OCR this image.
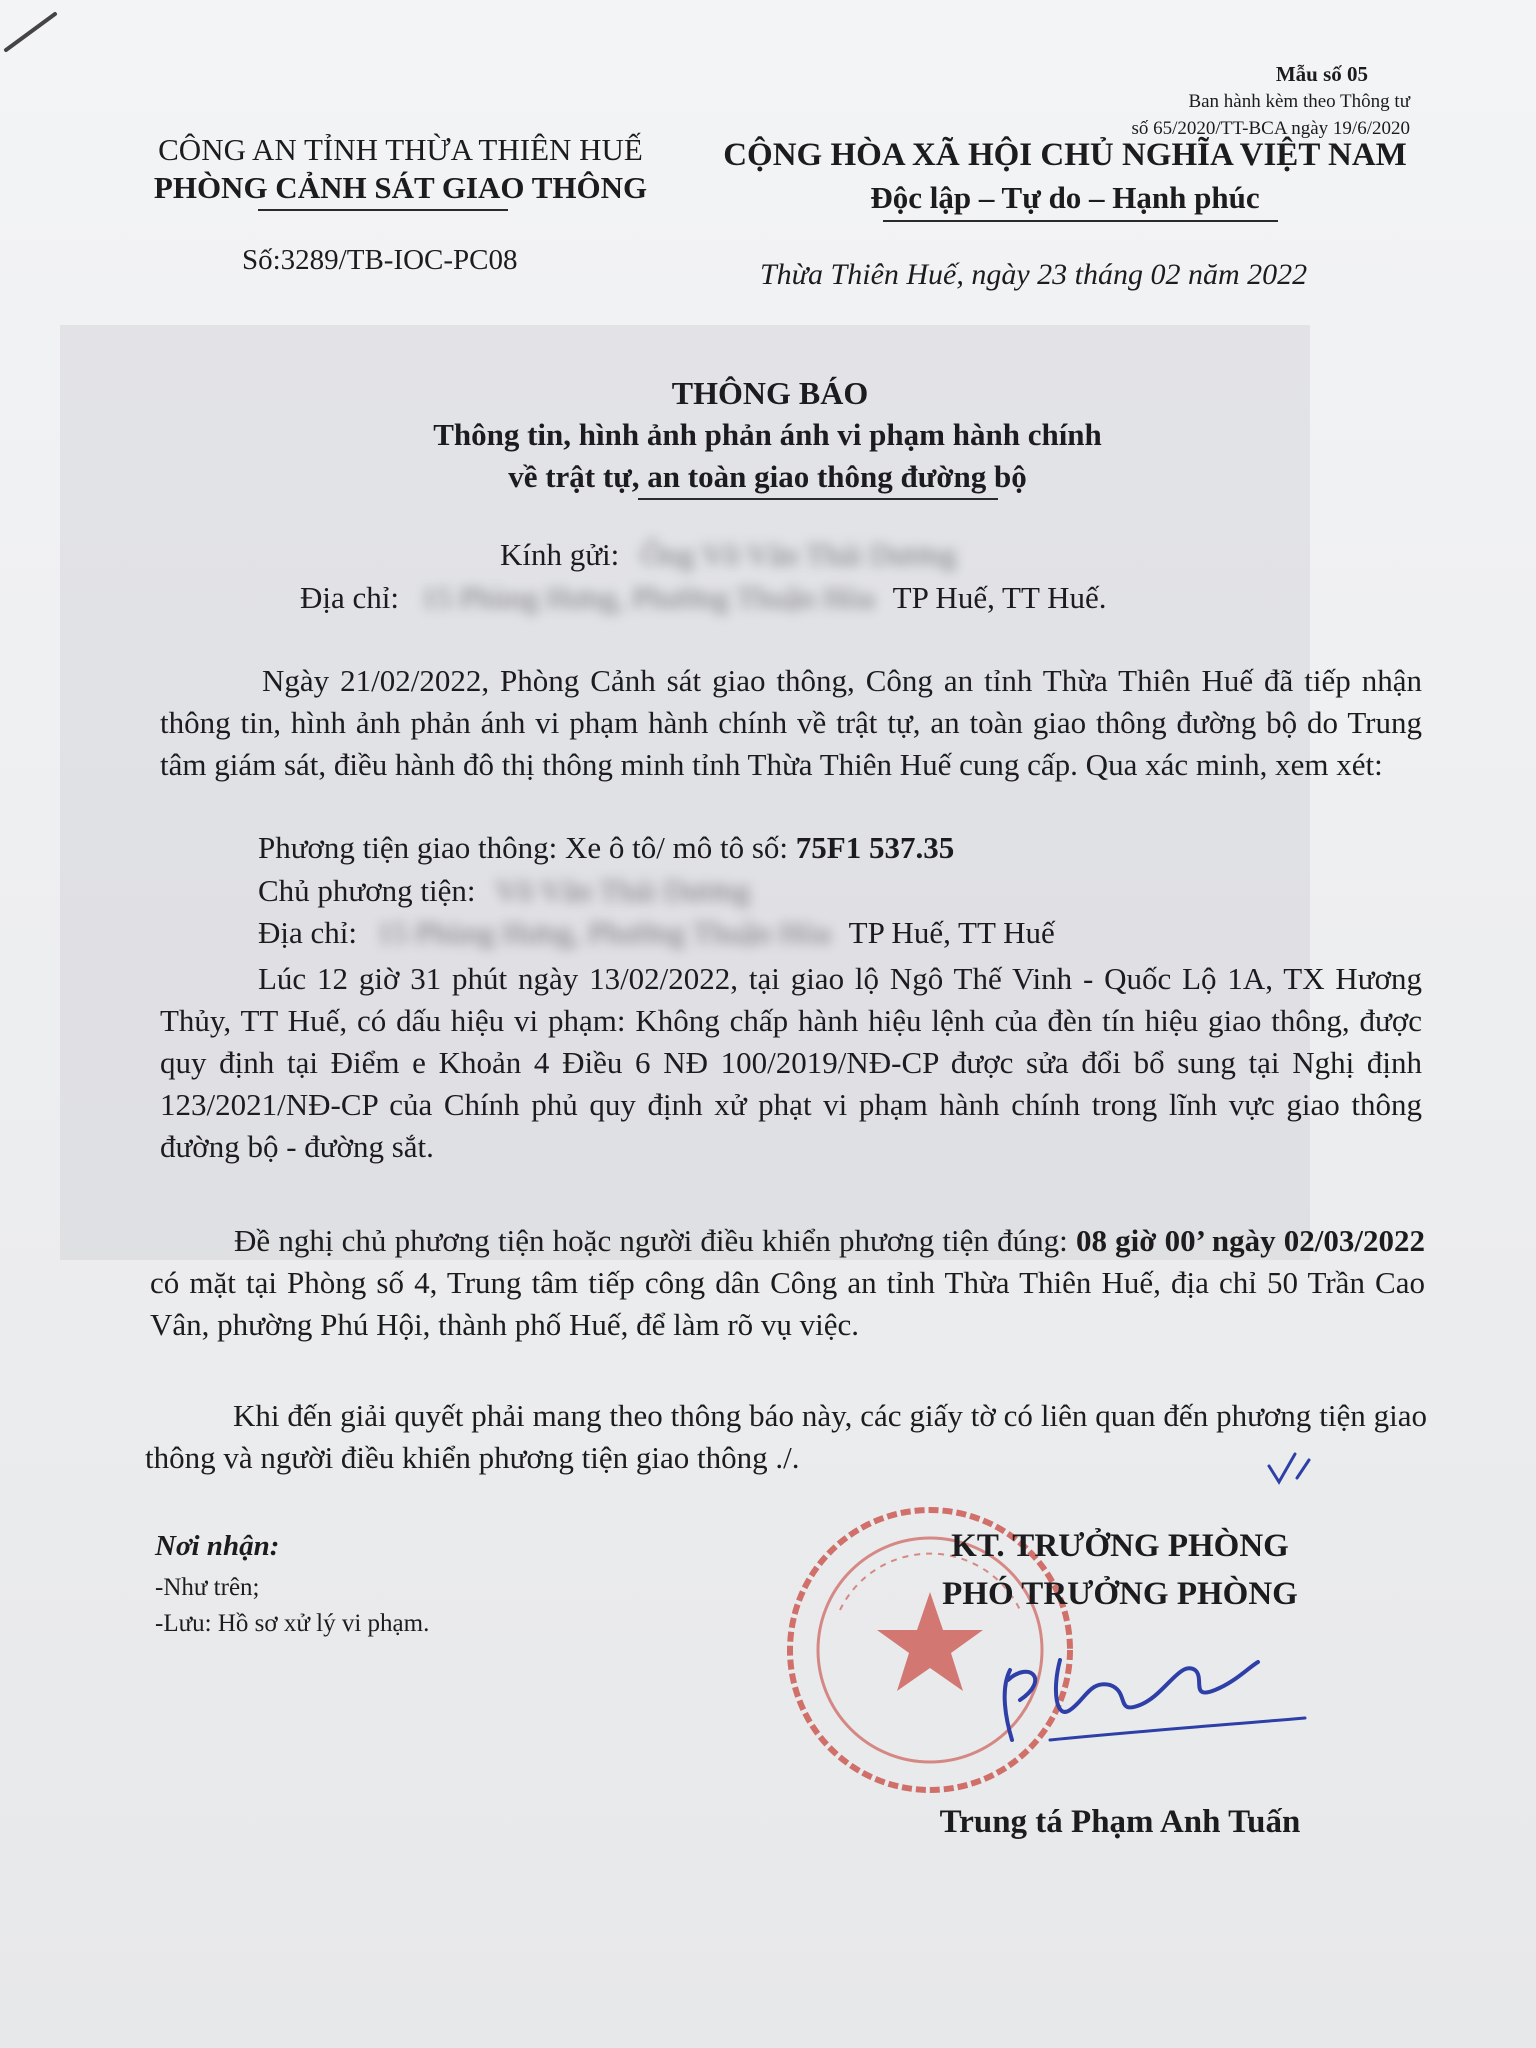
Mẫu số 05
Ban hành kèm theo Thông tư
số 65/2020/TT-BCA ngày 19/6/2020
CÔNG AN TỈNH THỪA THIÊN HUẾ
PHÒNG CẢNH SÁT GIAO THÔNG
Số:3289/TB-IOC-PC08
CỘNG HÒA XÃ HỘI CHỦ NGHĨA VIỆT NAM
Độc lập – Tự do – Hạnh phúc
Thừa Thiên Huế, ngày 23 tháng 02 năm 2022
THÔNG BÁO
Thông tin, hình ảnh phản ánh vi phạm hành chính
về trật tự, an toàn giao thông đường bộ
Kính gửi: Ông Võ Văn Thái Dương
Địa chỉ: 15 Phùng Hưng, Phường Thuận Hòa TP Huế, TT Huế.
Ngày 21/02/2022, Phòng Cảnh sát giao thông, Công an tỉnh Thừa Thiên Huế đã tiếp nhận thông tin, hình ảnh phản ánh vi phạm hành chính về trật tự, an toàn giao thông đường bộ do Trung tâm giám sát, điều hành đô thị thông minh tỉnh Thừa Thiên Huế cung cấp. Qua xác minh, xem xét:
Phương tiện giao thông: Xe ô tô/ mô tô số: 75F1 537.35
Chủ phương tiện: Võ Văn Thái Dương
Địa chỉ: 15 Phùng Hưng, Phường Thuận Hòa TP Huế, TT Huế
Lúc 12 giờ 31 phút ngày 13/02/2022, tại giao lộ Ngô Thế Vinh - Quốc Lộ 1A, TX Hương Thủy, TT Huế, có dấu hiệu vi phạm: Không chấp hành hiệu lệnh của đèn tín hiệu giao thông, được quy định tại Điểm e Khoản 4 Điều 6 NĐ 100/2019/NĐ-CP được sửa đổi bổ sung tại Nghị định 123/2021/NĐ-CP của Chính phủ quy định xử phạt vi phạm hành chính trong lĩnh vực giao thông đường bộ - đường sắt.
Đề nghị chủ phương tiện hoặc người điều khiển phương tiện đúng: 08 giờ 00’ ngày 02/03/2022 có mặt tại Phòng số 4, Trung tâm tiếp công dân Công an tỉnh Thừa Thiên Huế, địa chỉ 50 Trần Cao Vân, phường Phú Hội, thành phố Huế, để làm rõ vụ việc.
Khi đến giải quyết phải mang theo thông báo này, các giấy tờ có liên quan đến phương tiện giao thông và người điều khiển phương tiện giao thông ./.
Nơi nhận:
-Như trên;
-Lưu: Hồ sơ xử lý vi phạm.
KT. TRƯỞNG PHÒNG
PHÓ TRƯỞNG PHÒNG
Trung tá Phạm Anh Tuấn
